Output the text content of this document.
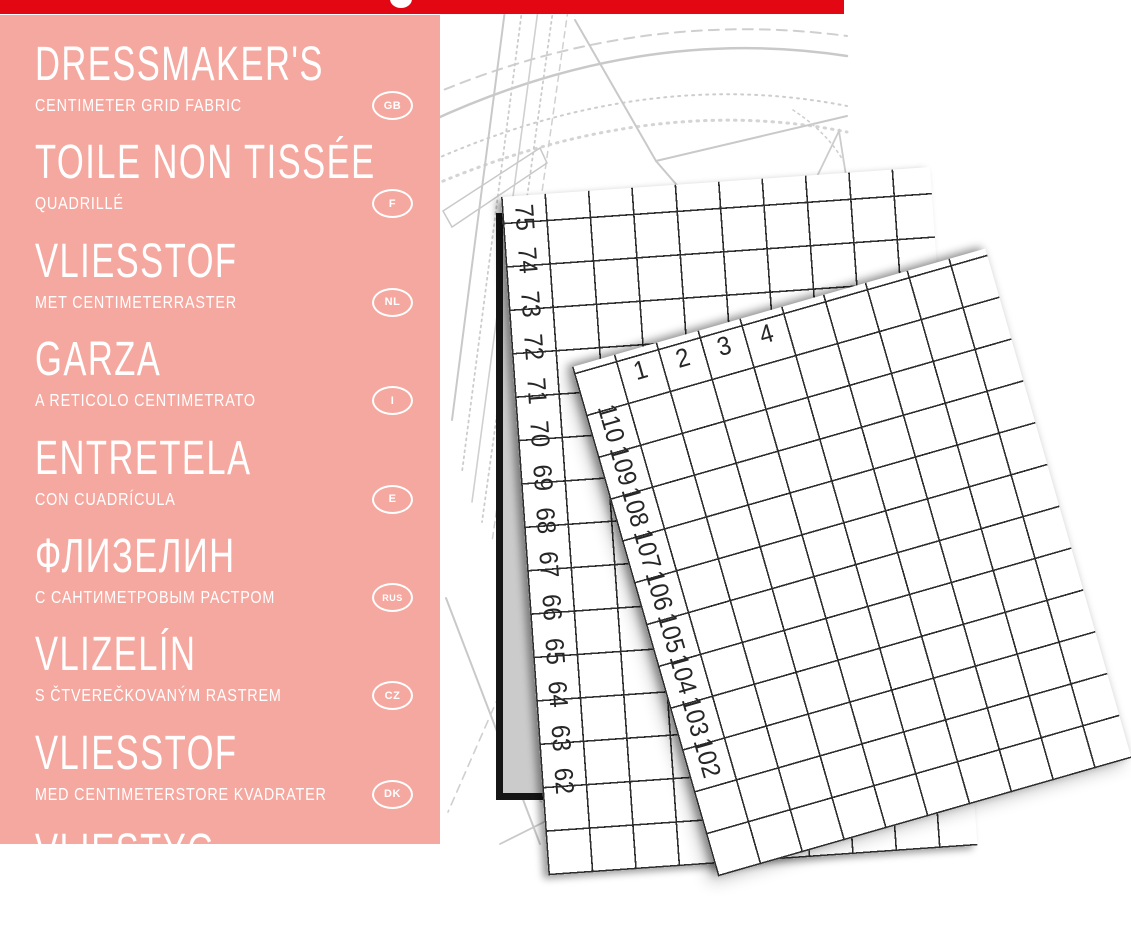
75
74
73
72
71
70
69
68
67
66
65
64
63
62
110
109
108
107
106
105
104
103
102
1 2 3 4
DRESSMAKER'S
CENTIMETER GRID FABRIC	GB
TOILE NON TISSÉE
QUADRILLÉ	F
VLIESSTOF
MET CENTIMETERRASTER	NL
GARZA
A RETICOLO CENTIMETRATO	I
ENTRETELA
CON CUADRÍCULA	E
ФЛИЗЕЛИН
С САНТИМЕТРОВЫМ РАСТРОМ	RUS
VLIZELÍN
S ČTVEREČKOVANÝM RASTREM	CZ
VLIESSTOF
MED CENTIMETERSTORE KVADRATER	DK
VLIESTYG
